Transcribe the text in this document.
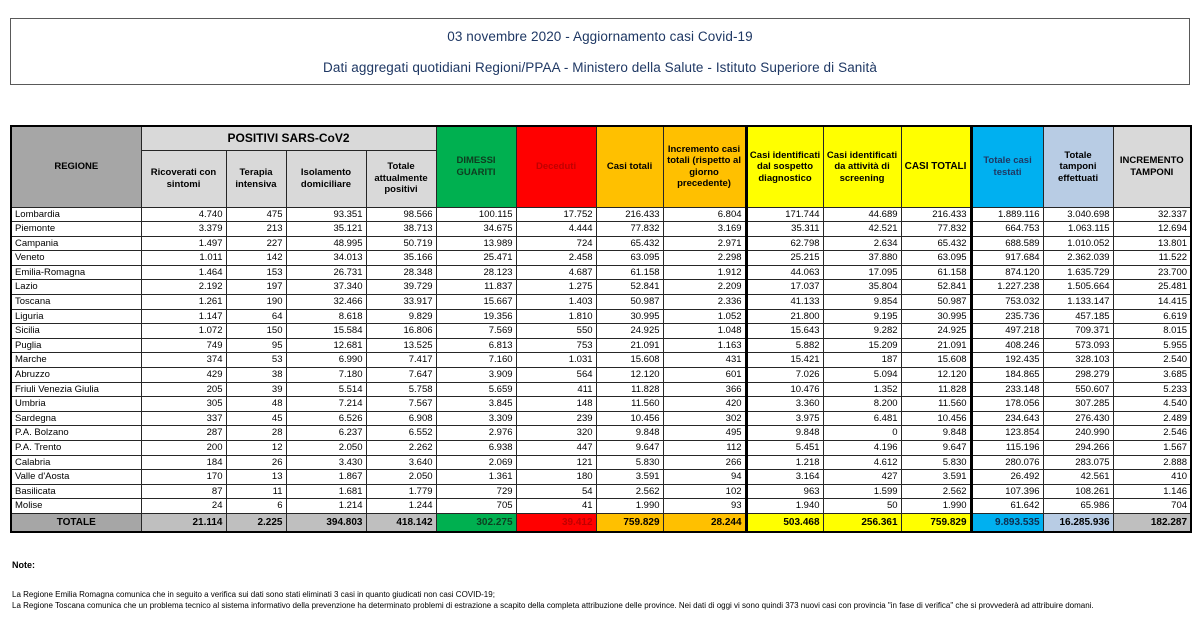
03 novembre 2020 - Aggiornamento casi Covid-19
Dati aggregati quotidiani Regioni/PPAA - Ministero della Salute - Istituto Superiore di Sanità
REGIONE	POSITIVI SARS-CoV2				DIMESSI GUARITI	Deceduti	Casi totali	Incremento casi totali (rispetto al giorno precedente)	Casi identificati dal sospetto diagnostico	Casi identificati da attività di screening	CASI TOTALI	Totale casi testati	Totale tamponi effettuati	INCREMENTO TAMPONI
	Ricoverati con sintomi	Terapia intensiva	Isolamento domiciliare	Totale attualmente positivi										
Lombardia	4.740	475	93.351	98.566	100.115	17.752	216.433	6.804	171.744	44.689	216.433	1.889.116	3.040.698	32.337
Piemonte	3.379	213	35.121	38.713	34.675	4.444	77.832	3.169	35.311	42.521	77.832	664.753	1.063.115	12.694
Campania	1.497	227	48.995	50.719	13.989	724	65.432	2.971	62.798	2.634	65.432	688.589	1.010.052	13.801
Veneto	1.011	142	34.013	35.166	25.471	2.458	63.095	2.298	25.215	37.880	63.095	917.684	2.362.039	11.522
Emilia-Romagna	1.464	153	26.731	28.348	28.123	4.687	61.158	1.912	44.063	17.095	61.158	874.120	1.635.729	23.700
Lazio	2.192	197	37.340	39.729	11.837	1.275	52.841	2.209	17.037	35.804	52.841	1.227.238	1.505.664	25.481
Toscana	1.261	190	32.466	33.917	15.667	1.403	50.987	2.336	41.133	9.854	50.987	753.032	1.133.147	14.415
Liguria	1.147	64	8.618	9.829	19.356	1.810	30.995	1.052	21.800	9.195	30.995	235.736	457.185	6.619
Sicilia	1.072	150	15.584	16.806	7.569	550	24.925	1.048	15.643	9.282	24.925	497.218	709.371	8.015
Puglia	749	95	12.681	13.525	6.813	753	21.091	1.163	5.882	15.209	21.091	408.246	573.093	5.955
Marche	374	53	6.990	7.417	7.160	1.031	15.608	431	15.421	187	15.608	192.435	328.103	2.540
Abruzzo	429	38	7.180	7.647	3.909	564	12.120	601	7.026	5.094	12.120	184.865	298.279	3.685
Friuli Venezia Giulia	205	39	5.514	5.758	5.659	411	11.828	366	10.476	1.352	11.828	233.148	550.607	5.233
Umbria	305	48	7.214	7.567	3.845	148	11.560	420	3.360	8.200	11.560	178.056	307.285	4.540
Sardegna	337	45	6.526	6.908	3.309	239	10.456	302	3.975	6.481	10.456	234.643	276.430	2.489
P.A. Bolzano	287	28	6.237	6.552	2.976	320	9.848	495	9.848	0	9.848	123.854	240.990	2.546
P.A. Trento	200	12	2.050	2.262	6.938	447	9.647	112	5.451	4.196	9.647	115.196	294.266	1.567
Calabria	184	26	3.430	3.640	2.069	121	5.830	266	1.218	4.612	5.830	280.076	283.075	2.888
Valle d'Aosta	170	13	1.867	2.050	1.361	180	3.591	94	3.164	427	3.591	26.492	42.561	410
Basilicata	87	11	1.681	1.779	729	54	2.562	102	963	1.599	2.562	107.396	108.261	1.146
Molise	24	6	1.214	1.244	705	41	1.990	93	1.940	50	1.990	61.642	65.986	704
TOTALE	21.114	2.225	394.803	418.142	302.275	39.412	759.829	28.244	503.468	256.361	759.829	9.893.535	16.285.936	182.287
Note:
La Regione Emilia Romagna comunica che in seguito a verifica sui dati sono stati eliminati 3 casi in quanto giudicati non casi COVID-19;
La Regione Toscana comunica che un problema tecnico al sistema informativo della prevenzione ha determinato problemi di estrazione a scapito della completa attribuzione delle province. Nei dati di oggi vi sono quindi 373 nuovi casi con provincia "in fase di verifica" che si provvederà ad attribuire domani.
